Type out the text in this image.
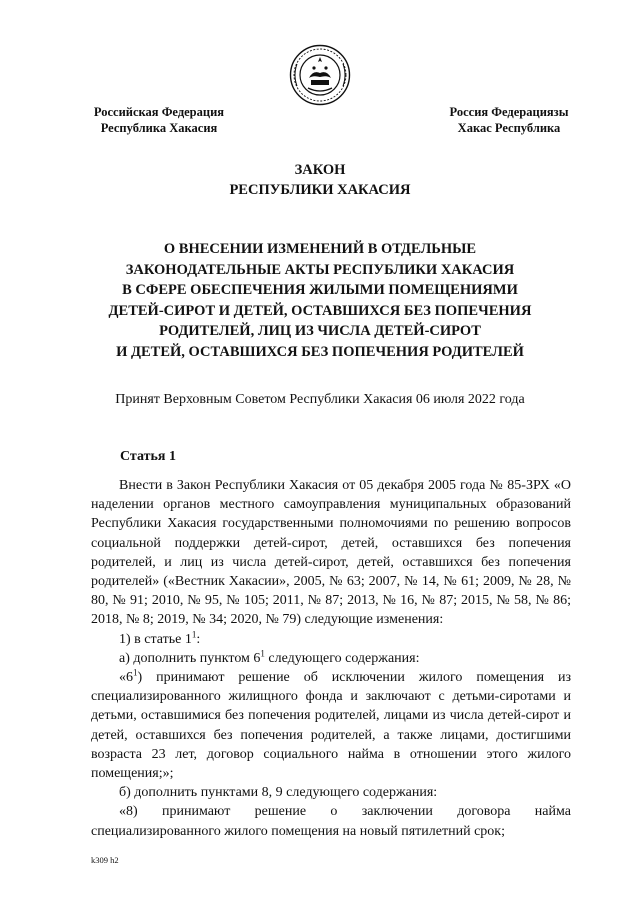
Российская Федерация
Республика Хакасия
Россия Федерациязы
Хакас Республика
ЗАКОН
РЕСПУБЛИКИ ХАКАСИЯ
О ВНЕСЕНИИ ИЗМЕНЕНИЙ В ОТДЕЛЬНЫЕ
ЗАКОНОДАТЕЛЬНЫЕ АКТЫ РЕСПУБЛИКИ ХАКАСИЯ
В СФЕРЕ ОБЕСПЕЧЕНИЯ ЖИЛЫМИ ПОМЕЩЕНИЯМИ
ДЕТЕЙ-СИРОТ И ДЕТЕЙ, ОСТАВШИХСЯ БЕЗ ПОПЕЧЕНИЯ
РОДИТЕЛЕЙ, ЛИЦ ИЗ ЧИСЛА ДЕТЕЙ-СИРОТ
И ДЕТЕЙ, ОСТАВШИХСЯ БЕЗ ПОПЕЧЕНИЯ РОДИТЕЛЕЙ
Принят Верховным Советом Республики Хакасия 06 июля 2022 года
Статья 1

Внести в Закон Республики Хакасия от 05 декабря 2005 года № 85-ЗРХ «О наделении органов местного самоуправления муниципальных образований Республики Хакасия государственными полномочиями по решению вопросов социальной поддержки детей-сирот, детей, оставшихся без попечения родителей, и лиц из числа детей-сирот, детей, оставшихся без попечения родителей» («Вестник Хакасии», 2005, № 63; 2007, № 14, № 61; 2009, № 28, № 80, № 91; 2010, № 95, № 105; 2011, № 87; 2013, № 16, № 87; 2015, № 58, № 86; 2018, № 8; 2019, № 34; 2020, № 79) следующие изменения:

1) в статье $1^1$:

а) дополнить пунктом $6^1$ следующего содержания:

«$6^1$) принимают решение об исключении жилого помещения из специализированного жилищного фонда и заключают с детьми-сиротами и детьми, оставшимися без попечения родителей, лицами из числа детей-сирот и детей, оставшихся без попечения родителей, а также лицами, достигшими возраста 23 лет, договор социального найма в отношении этого жилого помещения;»;

б) дополнить пунктами 8, 9 следующего содержания:

«8) принимают решение о заключении договора найма специализированного жилого помещения на новый пятилетний срок;

k309 h2
